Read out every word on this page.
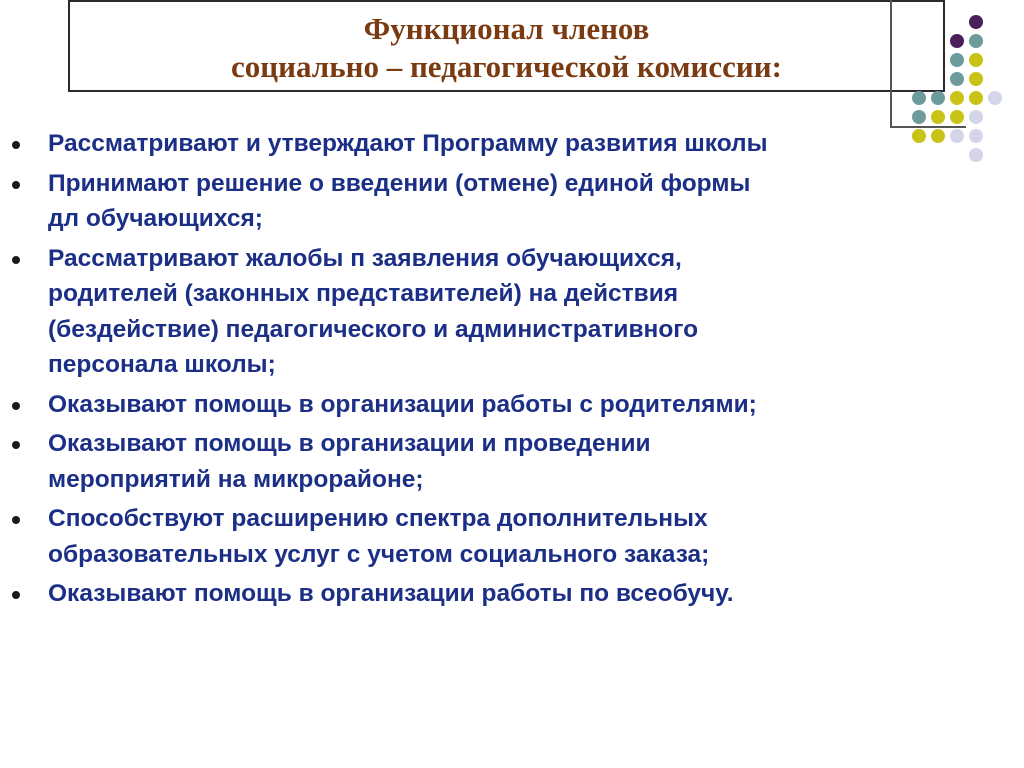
Функционал членов
социально – педагогической комиссии:
Рассматривают и утверждают Программу развития школы
Принимают решение о введении (отмене) единой формы
дл обучающихся;
Рассматривают жалобы п заявления обучающихся,
родителей (законных представителей) на действия
(бездействие) педагогического и административного
персонала школы;
Оказывают помощь в организации работы с родителями;
Оказывают помощь в организации и проведении
мероприятий на микрорайоне;
Способствуют расширению спектра дополнительных
образовательных услуг с учетом социального заказа;
Оказывают помощь в организации работы по всеобучу.
